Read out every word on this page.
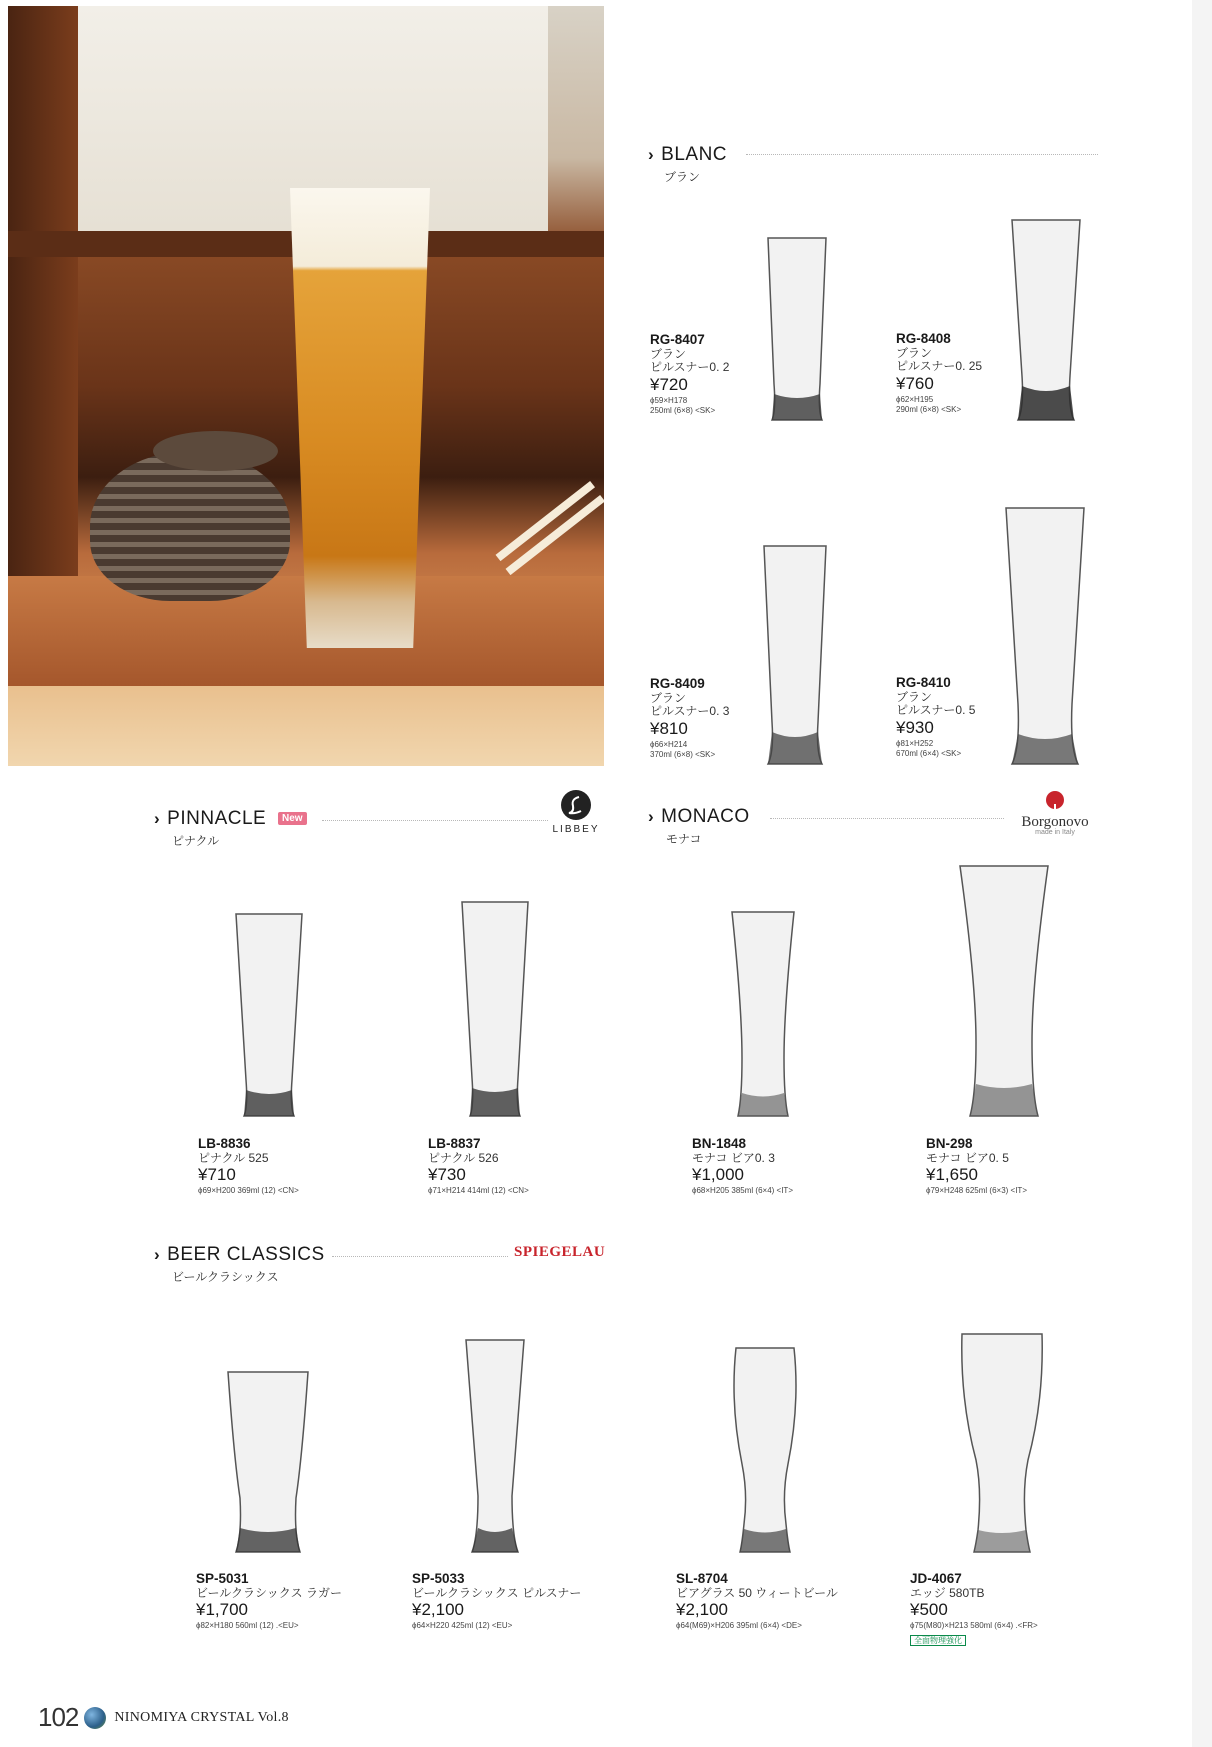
› BLANC
ブラン
RG-8407
ブラン
ピルスナー0. 2
¥720
ϕ59×H178
250ml (6×8) <SK>
RG-8408
ブラン
ピルスナー0. 25
¥760
ϕ62×H195
290ml (6×8) <SK>
RG-8409
ブラン
ピルスナー0. 3
¥810
ϕ66×H214
370ml (6×8) <SK>
RG-8410
ブラン
ピルスナー0. 5
¥930
ϕ81×H252
670ml (6×4) <SK>
› PINNACLE	New
ピナクル
LIBBEY
› MONACO
モナコ
Borgonovo
made in Italy
LB-8836
ピナクル 525
¥710
ϕ69×H200 369ml (12) <CN>
LB-8837
ピナクル 526
¥730
ϕ71×H214 414ml (12) <CN>
BN-1848
モナコ ビア0. 3
¥1,000
ϕ68×H205 385ml (6×4) <IT>
BN-298
モナコ ビア0. 5
¥1,650
ϕ79×H248 625ml (6×3) <IT>
› BEER CLASSICS
ビールクラシックス
SPIEGELAU
SP-5031
ビールクラシックス ラガー
¥1,700
ϕ82×H180 560ml (12) .<EU>
SP-5033
ビールクラシックス ピルスナー
¥2,100
ϕ64×H220 425ml (12) <EU>
SL-8704
ビアグラス 50 ウィートビール
¥2,100
ϕ64(M69)×H206 395ml (6×4) <DE>
JD-4067
エッジ 580TB
¥500
ϕ75(M80)×H213 580ml (6×4) .<FR>
全面物理強化
102	NINOMIYA CRYSTAL Vol.8
